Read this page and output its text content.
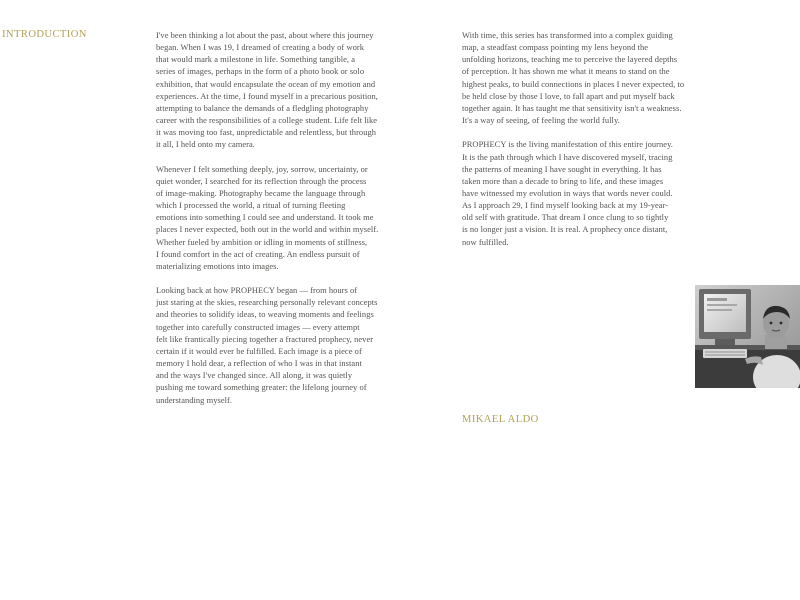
INTRODUCTION	I've been thinking a lot about the past, about where this journey
began. When I was 19, I dreamed of creating a body of work
that would mark a milestone in life. Something tangible, a
series of images, perhaps in the form of a photo book or solo
exhibition, that would encapsulate the ocean of my emotion and
experiences. At the time, I found myself in a precarious position,
attempting to balance the demands of a fledgling photography
career with the responsibilities of a college student. Life felt like
it was moving too fast, unpredictable and relentless, but through
it all, I held onto my camera.

Whenever I felt something deeply, joy, sorrow, uncertainty, or
quiet wonder, I searched for its reflection through the process
of image-making. Photography became the language through
which I processed the world, a ritual of turning fleeting
emotions into something I could see and understand. It took me
places I never expected, both out in the world and within myself.
Whether fueled by ambition or idling in moments of stillness,
I found comfort in the act of creating. An endless pursuit of
materializing emotions into images.

Looking back at how PROPHECY began — from hours of
just staring at the skies, researching personally relevant concepts
and theories to solidify ideas, to weaving moments and feelings
together into carefully constructed images — every attempt
felt like frantically piecing together a fractured prophecy, never
certain if it would ever be fulfilled. Each image is a piece of
memory I hold dear, a reflection of who I was in that instant
and the ways I've changed since. All along, it was quietly
pushing me toward something greater: the lifelong journey of
understanding myself.

With time, this series has transformed into a complex guiding
map, a steadfast compass pointing my lens beyond the
unfolding horizons, teaching me to perceive the layered depths
of perception. It has shown me what it means to stand on the
highest peaks, to build connections in places I never expected, to
be held close by those I love, to fall apart and put myself back
together again. It has taught me that sensitivity isn't a weakness.
It's a way of seeing, of feeling the world fully.

PROPHECY is the living manifestation of this entire journey.
It is the path through which I have discovered myself, tracing
the patterns of meaning I have sought in everything. It has
taken more than a decade to bring to life, and these images
have witnessed my evolution in ways that words never could.
As I approach 29, I find myself looking back at my 19-year-
old self with gratitude. That dream I once clung to so tightly
is no longer just a vision. It is real. A prophecy once distant,
now fulfilled.

MIKAEL ALDO
